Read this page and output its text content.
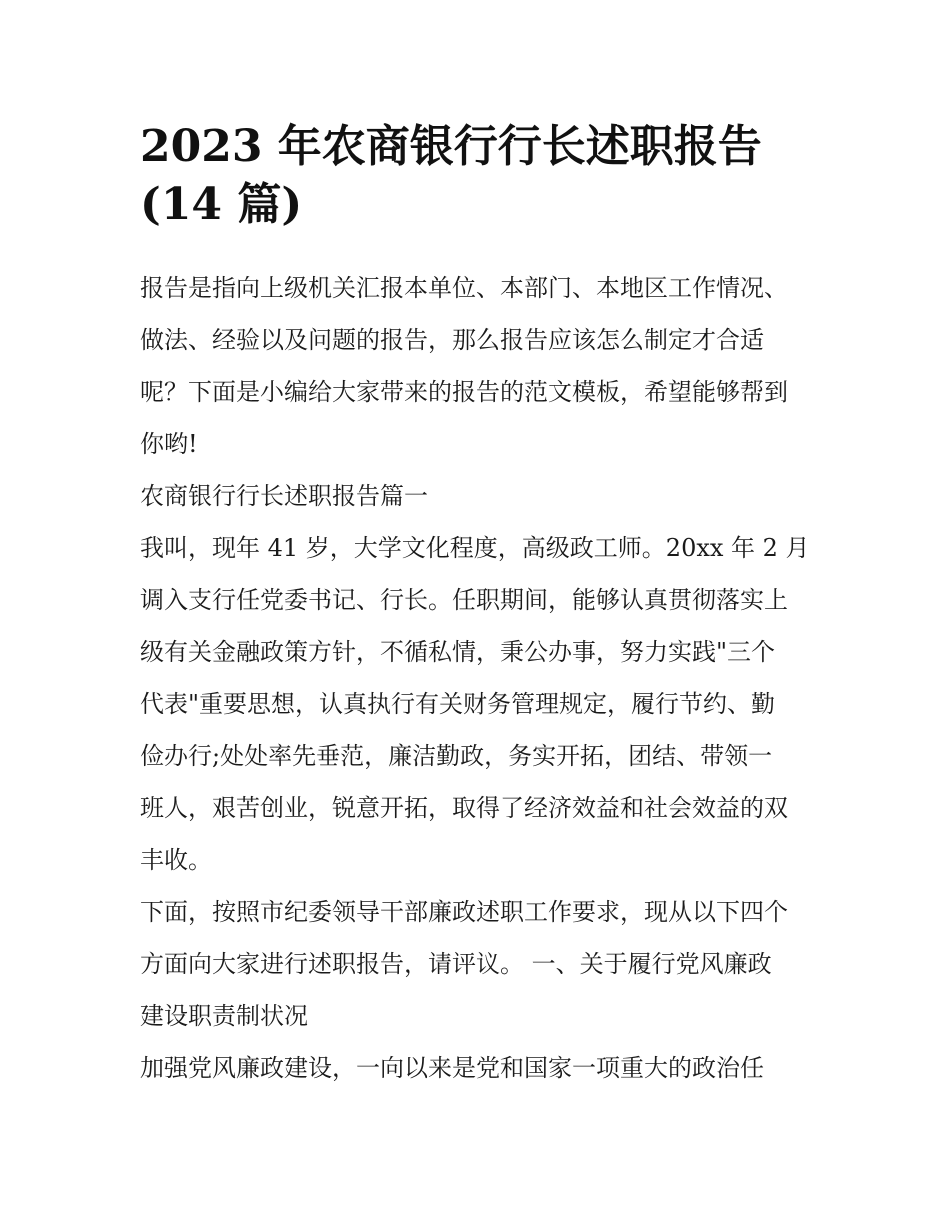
2023 年农商银行行长述职报告
(14 篇)

报告是指向上级机关汇报本单位、本部门、本地区工作情况、
做法、经验以及问题的报告，那么报告应该怎么制定才合适
呢？下面是小编给大家带来的报告的范文模板，希望能够帮到
你哟!

农商银行行长述职报告篇一

我叫，现年 41 岁，大学文化程度，高级政工师。20xx 年 2 月
调入支行任党委书记、行长。任职期间，能够认真贯彻落实上
级有关金融政策方针，不循私情，秉公办事，努力实践"三个
代表"重要思想，认真执行有关财务管理规定，履行节约、勤
俭办行;处处率先垂范，廉洁勤政，务实开拓，团结、带领一
班人，艰苦创业，锐意开拓，取得了经济效益和社会效益的双
丰收。

下面，按照市纪委领导干部廉政述职工作要求，现从以下四个
方面向大家进行述职报告，请评议。 一、关于履行党风廉政
建设职责制状况

加强党风廉政建设，一向以来是党和国家一项重大的政治任
